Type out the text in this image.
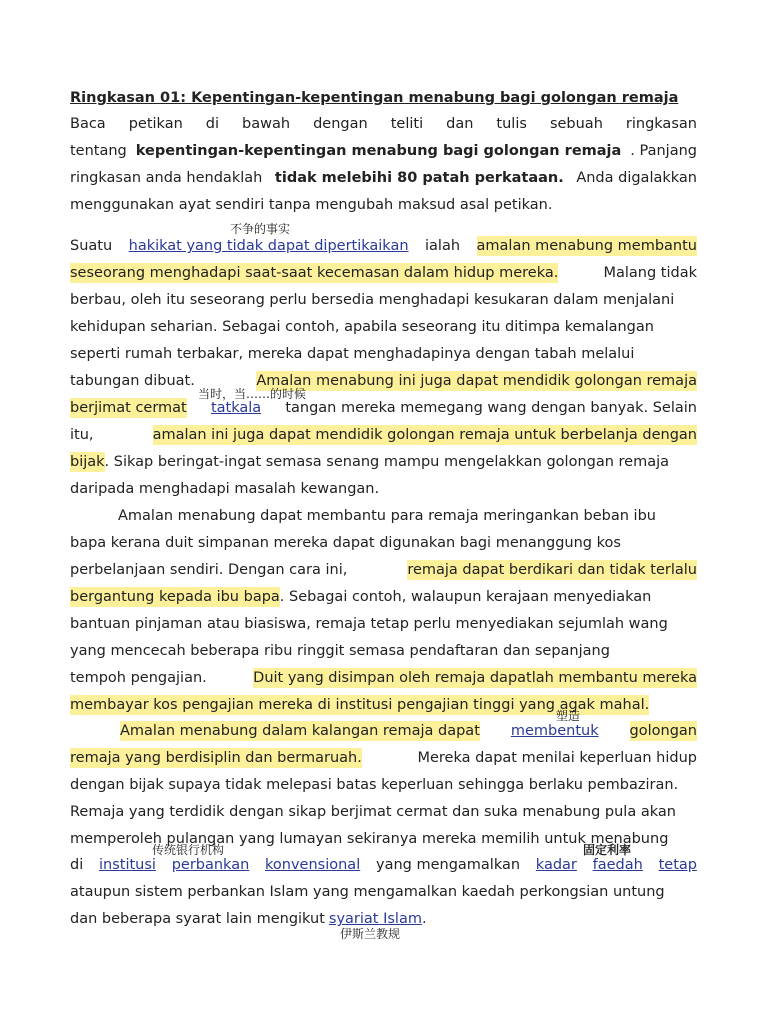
Ringkasan 01: Kepentingan-kepentingan menabung bagi golongan remaja
Baca petikan di bawah dengan teliti dan tulis sebuah ringkasan
tentang kepentingan-kepentingan menabung bagi golongan remaja . Panjang
ringkasan anda hendaklah tidak melebihi 80 patah perkataan. Anda digalakkan
menggunakan ayat sendiri tanpa mengubah maksud asal petikan.
不争的事实
Suatu hakikat yang tidak dapat dipertikaikan ialah amalan menabung membantu
seseorang menghadapi saat-saat kecemasan dalam hidup mereka.	Malang tidak
berbau, oleh itu seseorang perlu bersedia menghadapi kesukaran dalam menjalani
kehidupan seharian. Sebagai contoh, apabila seseorang itu ditimpa kemalangan
seperti rumah terbakar, mereka dapat menghadapinya dengan tabah melalui
tabungan dibuat.	Amalan menabung ini juga dapat mendidik golongan remaja
当时，当……的时候
berjimat cermat tatkala tangan mereka memegang wang dengan banyak. Selain
itu,	amalan ini juga dapat mendidik golongan remaja untuk berbelanja dengan
bijak . Sikap beringat-ingat semasa senang mampu mengelakkan golongan remaja
daripada menghadapi masalah kewangan.
Amalan menabung dapat membantu para remaja meringankan beban ibu
bapa kerana duit simpanan mereka dapat digunakan bagi menanggung kos
perbelanjaan sendiri. Dengan cara ini,	remaja dapat berdikari dan tidak terlalu
bergantung kepada ibu bapa . Sebagai contoh, walaupun kerajaan menyediakan
bantuan pinjaman atau biasiswa, remaja tetap perlu menyediakan sejumlah wang
yang mencecah beberapa ribu ringgit semasa pendaftaran dan sepanjang
tempoh pengajian.	Duit yang disimpan oleh remaja dapatlah membantu mereka
membayar kos pengajian mereka di institusi pengajian tinggi yang agak mahal.
塑造
Amalan menabung dalam kalangan remaja dapat membentuk golongan
remaja yang berdisiplin dan bermaruah.	Mereka dapat menilai keperluan hidup
dengan bijak supaya tidak melepasi batas keperluan sehingga berlaku pembaziran.
Remaja yang terdidik dengan sikap berjimat cermat dan suka menabung pula akan
memperoleh pulangan yang lumayan sekiranya mereka memilih untuk menabung
传统银行机构	固定利率
di institusi perbankan konvensional yang mengamalkan kadar faedah tetap
ataupun sistem perbankan Islam yang mengamalkan kaedah perkongsian untung
dan beberapa syarat lain mengikut syariat Islam .
伊斯兰教规
